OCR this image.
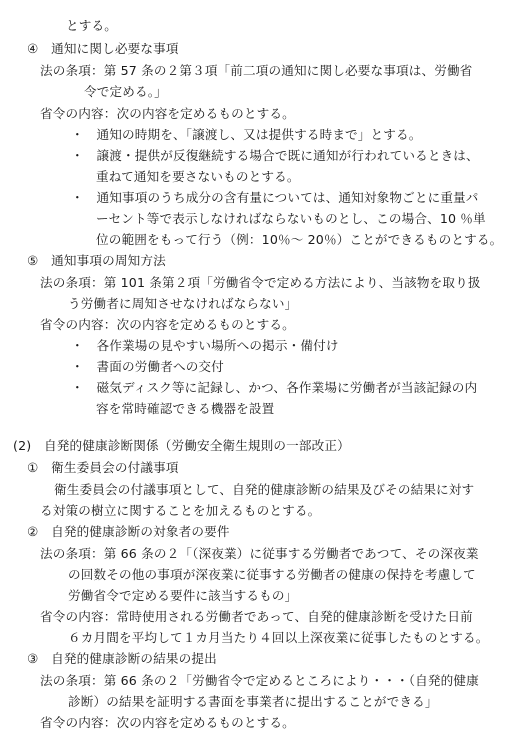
とする。
④　通知に関し必要な事項
法の条項：第 57 条の２第３項「前二項の通知に関し必要な事項は、労働省
令で定める。」
省令の内容：次の内容を定めるものとする。
・　通知の時期を、「譲渡し、又は提供する時まで」とする。
・　譲渡・提供が反復継続する場合で既に通知が行われているときは、
重ねて通知を要さないものとする。
・　通知事項のうち成分の含有量については、通知対象物ごとに重量パ
ーセント等で表示しなければならないものとし、この場合、10 ％単
位の範囲をもって行う（例：10％～ 20％）ことができるものとする。
⑤　通知事項の周知方法
法の条項：第 101 条第２項「労働省令で定める方法により、当該物を取り扱
う労働者に周知させなければならない」
省令の内容：次の内容を定めるものとする。
・　各作業場の見やすい場所への掲示・備付け
・　書面の労働者への交付
・　磁気ディスク等に記録し、かつ、各作業場に労働者が当該記録の内
容を常時確認できる機器を設置
(2)　自発的健康診断関係（労働安全衛生規則の一部改正）
①　衛生委員会の付議事項
衛生委員会の付議事項として、自発的健康診断の結果及びその結果に対す
る対策の樹立に関することを加えるものとする。
②　自発的健康診断の対象者の要件
法の条項：第 66 条の２「（深夜業）に従事する労働者であつて、その深夜業
の回数その他の事項が深夜業に従事する労働者の健康の保持を考慮して
労働省令で定める要件に該当するもの」
省令の内容：常時使用される労働者であって、自発的健康診断を受けた日前
６カ月間を平均して１カ月当たり４回以上深夜業に従事したものとする。
③　自発的健康診断の結果の提出
法の条項：第 66 条の２「労働省令で定めるところにより・・・（自発的健康
診断）の結果を証明する書面を事業者に提出することができる」
省令の内容：次の内容を定めるものとする。
